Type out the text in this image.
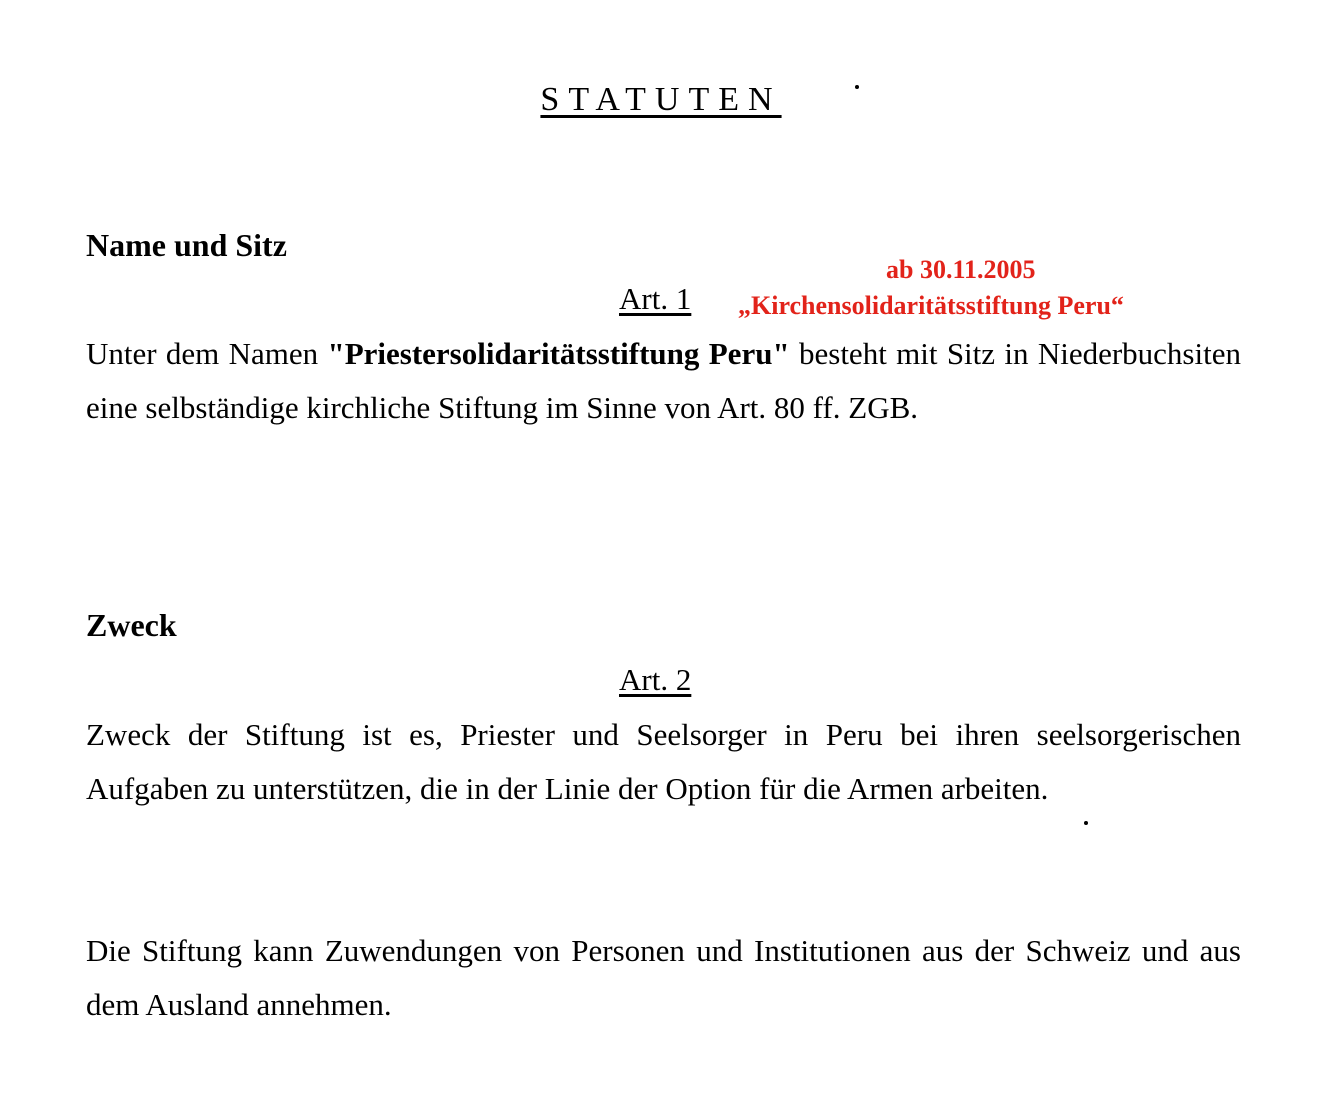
STATUTEN
Name und Sitz
ab 30.11.2005
Art. 1 „Kirchensolidaritätsstiftung Peru“
Unter dem Namen "Priestersolidaritätsstiftung Peru" besteht mit Sitz in Niederbuchsiten eine selbständige kirchliche Stiftung im Sinne von Art. 80 ff. ZGB.
Zweck
Art. 2
Zweck der Stiftung ist es, Priester und Seelsorger in Peru bei ihren seelsorgerischen Aufgaben zu unterstützen, die in der Linie der Option für die Armen arbeiten.
Die Stiftung kann Zuwendungen von Personen und Institutionen aus der Schweiz und aus dem Ausland annehmen.
